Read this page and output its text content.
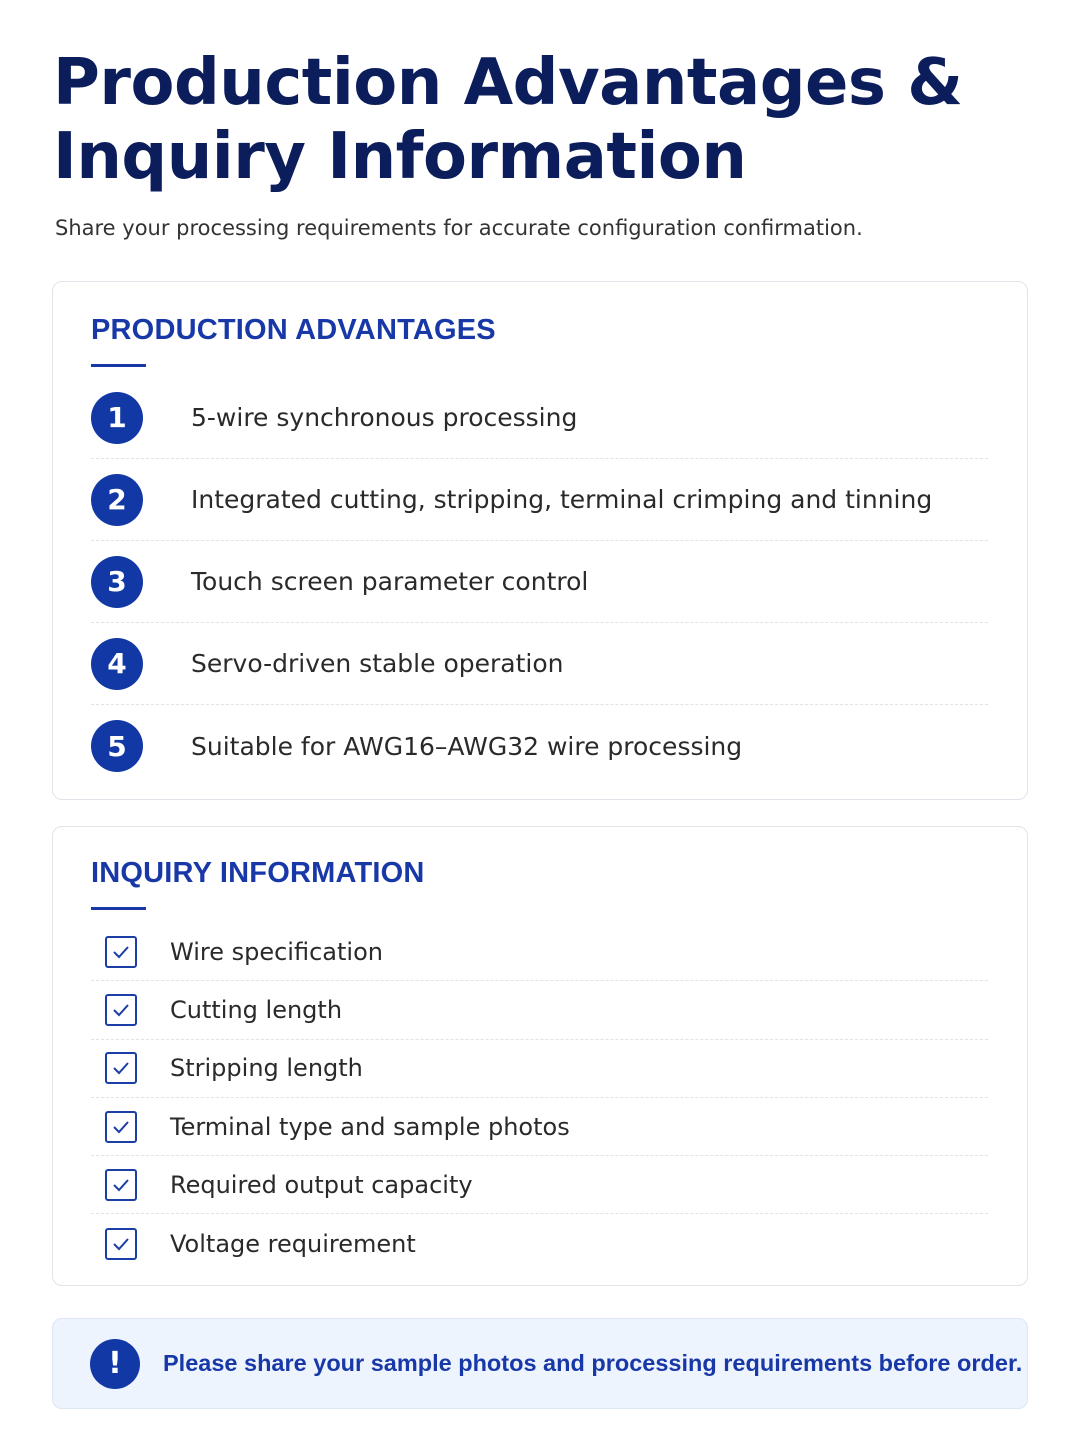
Production Advantages & Inquiry Information

Share your processing requirements for accurate configuration confirmation.

PRODUCTION ADVANTAGES
1	5-wire synchronous processing
2	Integrated cutting, stripping, terminal crimping and tinning
3	Touch screen parameter control
4	Servo-driven stable operation
5	Suitable for AWG16–AWG32 wire processing
INQUIRY INFORMATION
Wire specification
Cutting length
Stripping length
Terminal type and sample photos
Required output capacity
Voltage requirement
!	Please share your sample photos and processing requirements before order.
